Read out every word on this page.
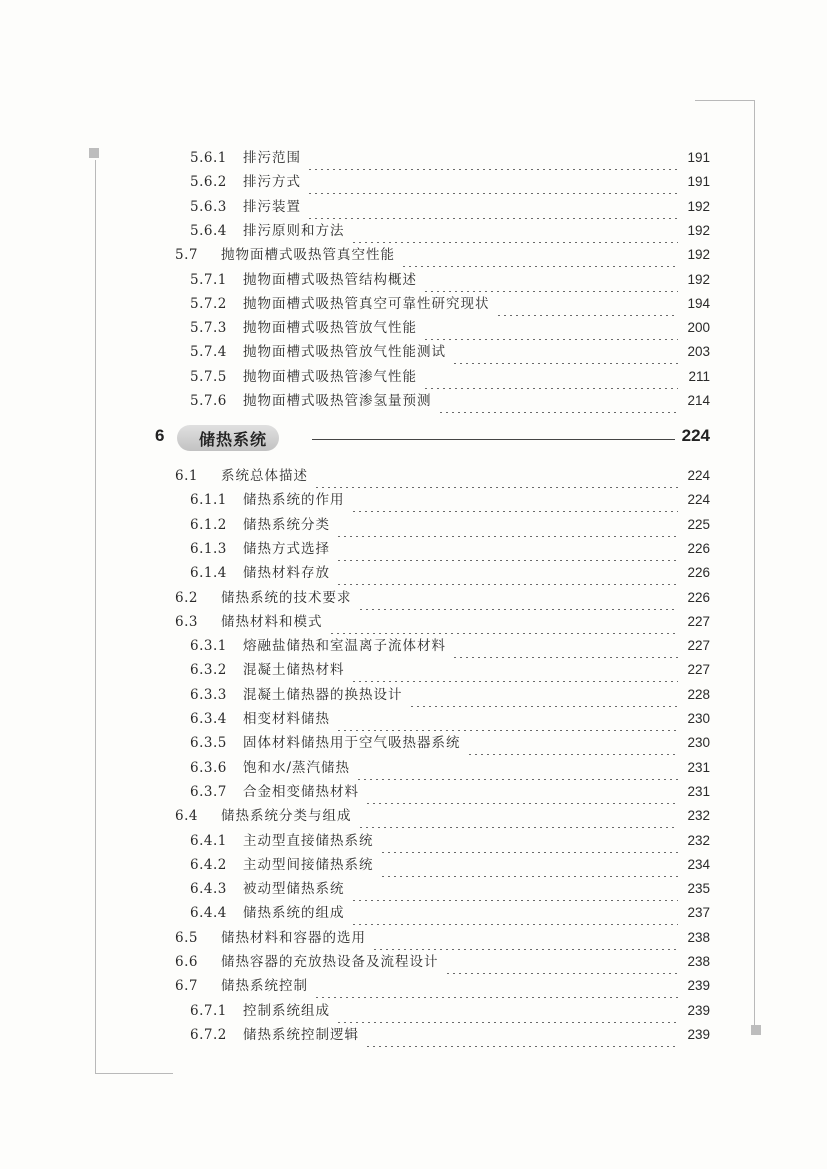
5.6.1	排污范围	191
5.6.2	排污方式	191
5.6.3	排污装置	192
5.6.4	排污原则和方法	192
5.7	抛物面槽式吸热管真空性能	192
5.7.1	抛物面槽式吸热管结构概述	192
5.7.2	抛物面槽式吸热管真空可靠性研究现状	194
5.7.3	抛物面槽式吸热管放气性能	200
5.7.4	抛物面槽式吸热管放气性能测试	203
5.7.5	抛物面槽式吸热管渗气性能	211
5.7.6	抛物面槽式吸热管渗氢量预测	214
6 储热系统	224
6.1	系统总体描述	224
6.1.1	储热系统的作用	224
6.1.2	储热系统分类	225
6.1.3	储热方式选择	226
6.1.4	储热材料存放	226
6.2	储热系统的技术要求	226
6.3	储热材料和模式	227
6.3.1	熔融盐储热和室温离子流体材料	227
6.3.2	混凝土储热材料	227
6.3.3	混凝土储热器的换热设计	228
6.3.4	相变材料储热	230
6.3.5	固体材料储热用于空气吸热器系统	230
6.3.6	饱和水/蒸汽储热	231
6.3.7	合金相变储热材料	231
6.4	储热系统分类与组成	232
6.4.1	主动型直接储热系统	232
6.4.2	主动型间接储热系统	234
6.4.3	被动型储热系统	235
6.4.4	储热系统的组成	237
6.5	储热材料和容器的选用	238
6.6	储热容器的充放热设备及流程设计	238
6.7	储热系统控制	239
6.7.1	控制系统组成	239
6.7.2	储热系统控制逻辑	239
